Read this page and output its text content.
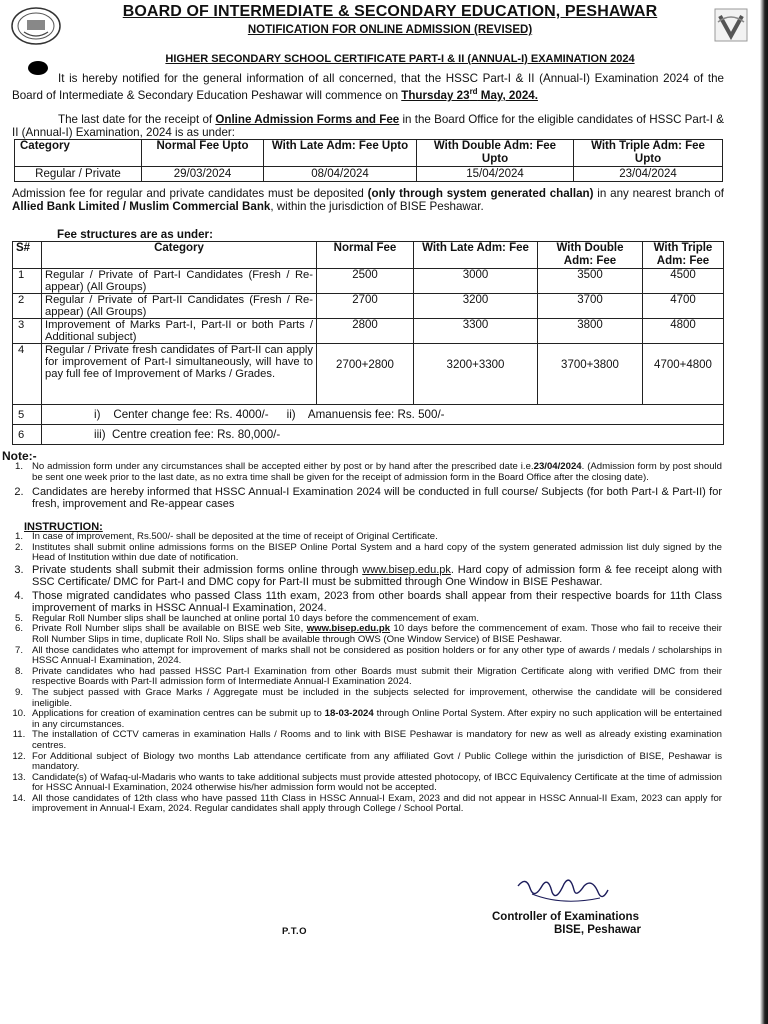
BOARD OF INTERMEDIATE & SECONDARY EDUCATION, PESHAWAR
NOTIFICATION FOR ONLINE ADMISSION (REVISED)
HIGHER SECONDARY SCHOOL CERTIFICATE PART-I & II (ANNUAL-I) EXAMINATION 2024
It is hereby notified for the general information of all concerned, that the HSSC Part-I & II (Annual-I) Examination 2024 of the Board of Intermediate & Secondary Education Peshawar will commence on Thursday 23rd May, 2024.
The last date for the receipt of Online Admission Forms and Fee in the Board Office for the eligible candidates of HSSC Part-I & II (Annual-I) Examination, 2024 is as under:
Category	Normal Fee Upto	With Late Adm: Fee Upto	With Double Adm: Fee Upto	With Triple Adm: Fee Upto
Regular / Private	29/03/2024	08/04/2024	15/04/2024	23/04/2024
Admission fee for regular and private candidates must be deposited (only through system generated challan) in any nearest branch of Allied Bank Limited / Muslim Commercial Bank, within the jurisdiction of BISE Peshawar.
Fee structures are as under:
S#	Category	Normal Fee	With Late Adm: Fee	With Double Adm: Fee	With Triple Adm: Fee
1	Regular / Private of Part-I Candidates (Fresh / Re-appear) (All Groups)	2500	3000	3500	4500
2	Regular / Private of Part-II Candidates (Fresh / Re-appear) (All Groups)	2700	3200	3700	4700
3	Improvement of Marks Part-I, Part-II or both Parts / Additional subject)	2800	3300	3800	4800
4	Regular / Private fresh candidates of Part-II can apply for improvement of Part-I simultaneously, will have to pay full fee of Improvement of Marks / Grades.	2700+2800	3200+3300	3700+3800	4700+4800
5	i)    Center change fee: Rs. 4000/- ii)    Amanuensis fee: Rs. 500/-				
6	iii)  Centre creation fee: Rs. 80,000/-				
Note:-
1. No admission form under any circumstances shall be accepted either by post or by hand after the prescribed date i.e.23/04/2024. (Admission form by post should be sent one week prior to the last date, as no extra time shall be given for the receipt of admission form in the Board Office after the closing date).
2. Candidates are hereby informed that HSSC Annual-I Examination 2024 will be conducted in full course/ Subjects (for both Part-I & Part-II) for fresh, improvement and Re-appear cases
INSTRUCTION:
1. In case of improvement, Rs.500/- shall be deposited at the time of receipt of Original Certificate.
2. Institutes shall submit online admissions forms on the BISEP Online Portal System and a hard copy of the system generated admission list duly signed by the Head of Institution within due date of notification.
3. Private students shall submit their admission forms online through www.bisep.edu.pk. Hard copy of admission form & fee receipt along with SSC Certificate/ DMC for Part-I and DMC copy for Part-II must be submitted through One Window in BISE Peshawar.
4. Those migrated candidates who passed Class 11th exam, 2023 from other boards shall appear from their respective boards for 11th Class improvement of marks in HSSC Annual-I Examination, 2024.
5. Regular Roll Number slips shall be launched at online portal 10 days before the commencement of exam.
6. Private Roll Number slips shall be available on BISE web Site, www.bisep.edu.pk 10 days before the commencement of exam. Those who fail to receive their Roll Number Slips in time, duplicate Roll No. Slips shall be available through OWS (One Window Service) of BISE Peshawar.
7. All those candidates who attempt for improvement of marks shall not be considered as position holders or for any other type of awards / medals / scholarships in HSSC Annual-I Examination, 2024.
8. Private candidates who had passed HSSC Part-I Examination from other Boards must submit their Migration Certificate along with verified DMC from their respective Boards with Part-II admission form of Intermediate Annual-I Examination 2024.
9. The subject passed with Grace Marks / Aggregate must be included in the subjects selected for improvement, otherwise the candidate will be considered ineligible.
10. Applications for creation of examination centres can be submit up to 18-03-2024 through Online Portal System. After expiry no such application will be entertained in any circumstances.
11. The installation of CCTV cameras in examination Halls / Rooms and to link with BISE Peshawar is mandatory for new as well as already existing examination centres.
12. For Additional subject of Biology two months Lab attendance certificate from any affiliated Govt / Public College within the jurisdiction of BISE, Peshawar is mandatory.
13. Candidate(s) of Wafaq-ul-Madaris who wants to take additional subjects must provide attested photocopy, of IBCC Equivalency Certificate at the time of admission for HSSC Annual-I Examination, 2024 otherwise his/her admission form would not be accepted.
14. All those candidates of 12th class who have passed 11th Class in HSSC Annual-I Exam, 2023 and did not appear in HSSC Annual-II Exam, 2023 can apply for improvement in Annual-I Exam, 2024. Regular candidates shall apply through College / School Portal.
Controller of Examinations
BISE, Peshawar
P.T.O
